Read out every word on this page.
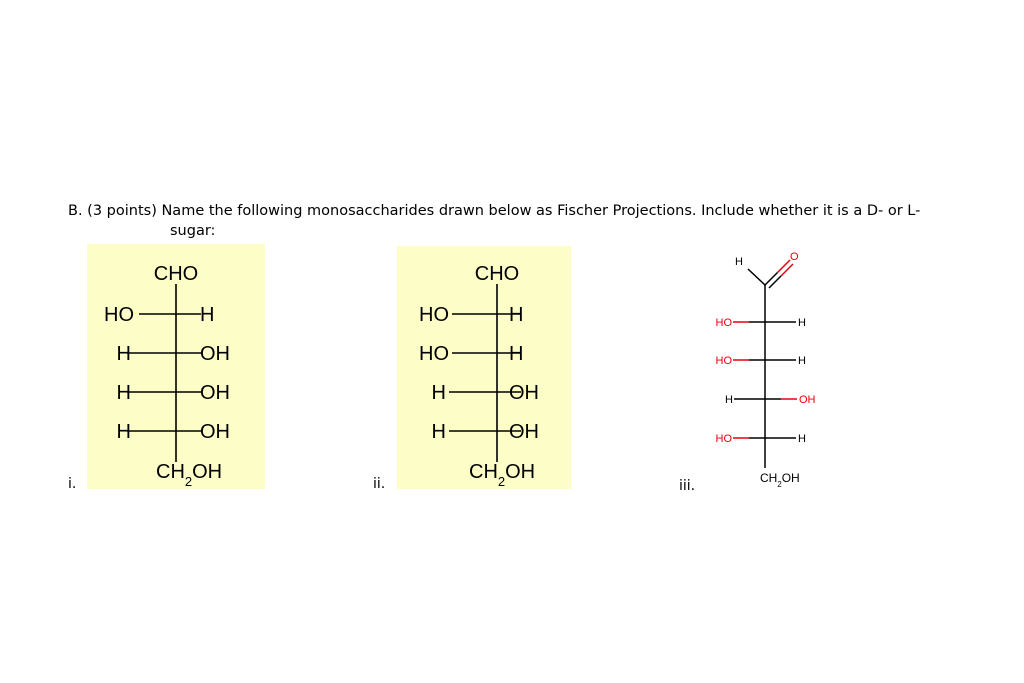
B. (3 points) Name the following monosaccharides drawn below as Fischer Projections. Include whether it is a D- or L-
sugar:
i.	ii.	iii.
CHO
HO	H
H	OH
H	OH
H	OH
$CH_2OH$
CHO
HO	H
HO	H
H	OH
H	OH
$CH_2OH$
H	O
HO	H
HO	H
H	OH
HO	H
$CH_2OH$
